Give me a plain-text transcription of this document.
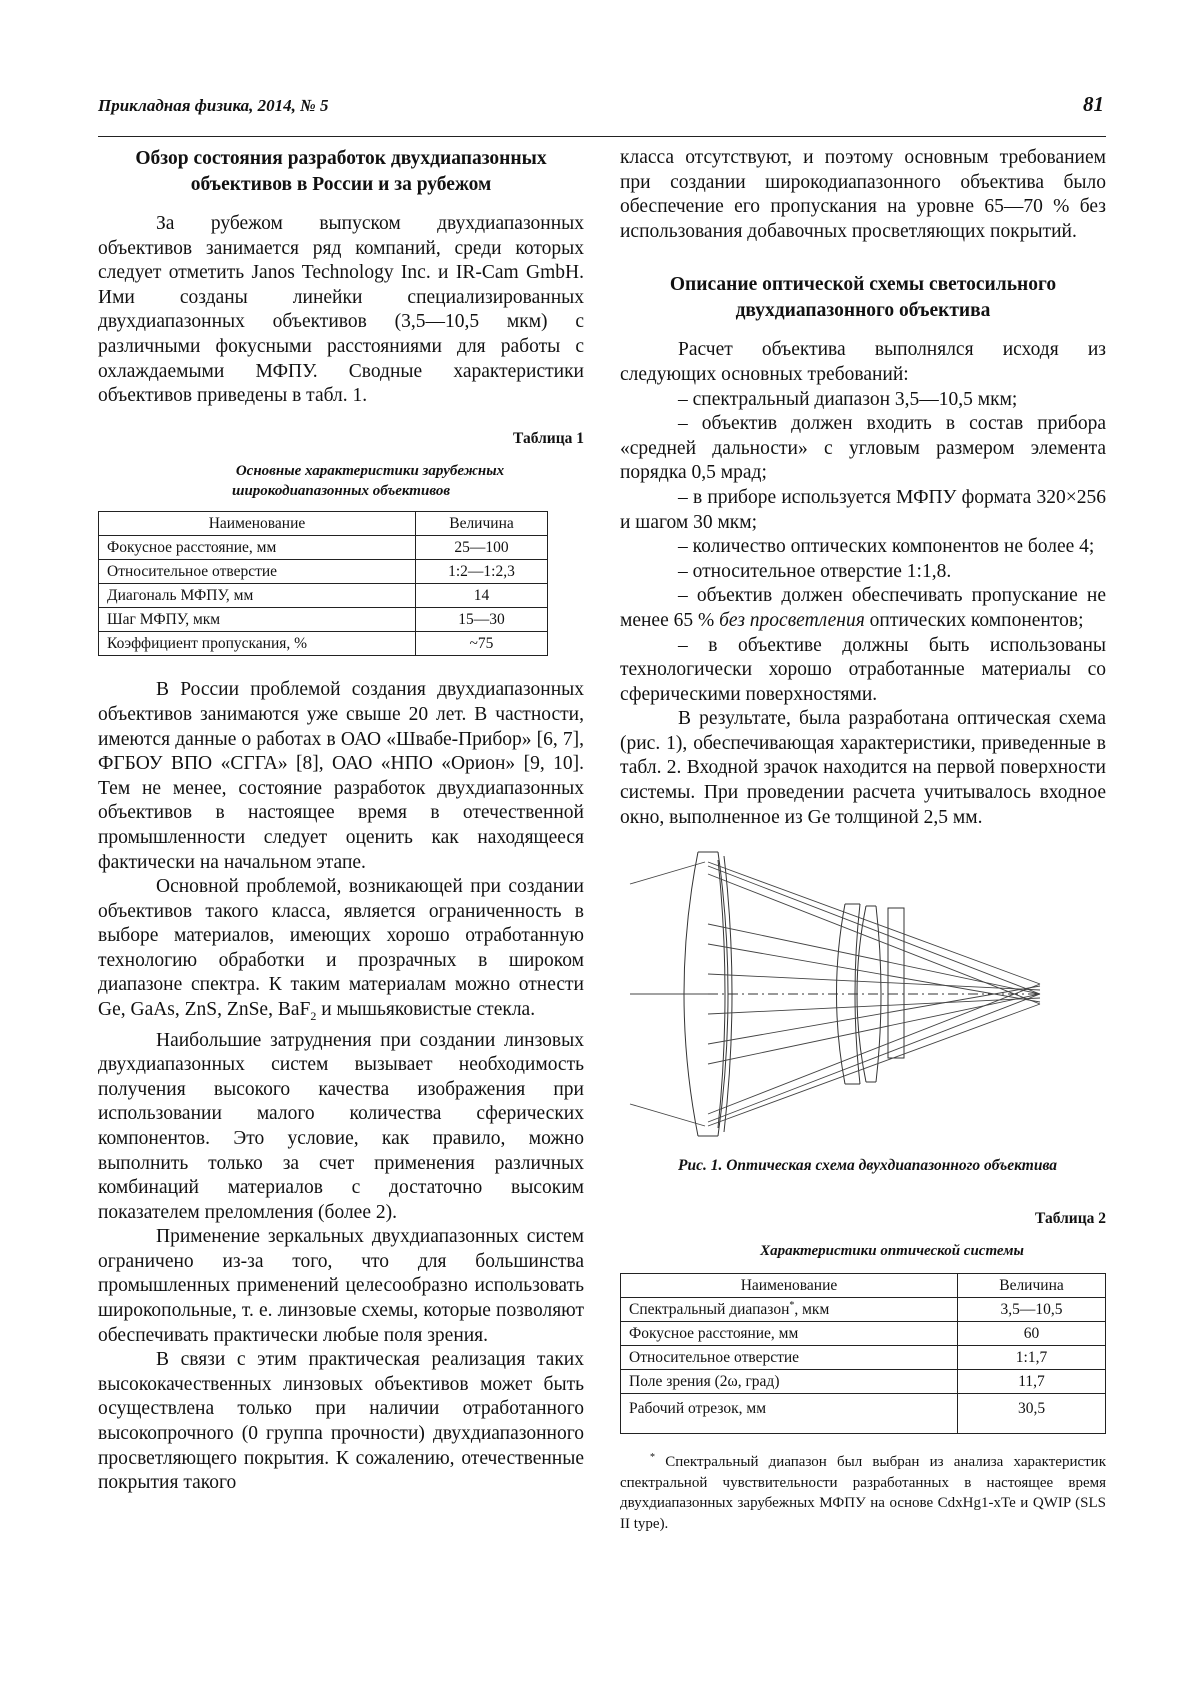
Прикладная физика, 2014, № 5	81
Обзор состояния разработок двухдиапазонных объективов в России и за рубежом

За рубежом выпуском двухдиапазонных объективов занимается ряд компаний, среди которых следует отметить Janos Technology Inc. и IR-Cam GmbH. Ими созданы линейки специализированных двухдиапазонных объективов (3,5—10,5 мкм) с различными фокусными расстояниями для работы с охлаждаемыми МФПУ. Сводные характеристики объективов приведены в табл. 1.

Таблица 1

Основные характеристики зарубежных широкодиапазонных объективов

Наименование	Величина
Фокусное расстояние, мм	25—100
Относительное отверстие	1:2—1:2,3
Диагональ МФПУ, мм	14
Шаг МФПУ, мкм	15—30
Коэффициент пропускания, %	~75

В России проблемой создания двухдиапазонных объективов занимаются уже свыше 20 лет. В частности, имеются данные о работах в ОАО «Швабе-Прибор» [6, 7], ФГБОУ ВПО «СГГА» [8], ОАО «НПО «Орион» [9, 10]. Тем не менее, состояние разработок двухдиапазонных объективов в настоящее время в отечественной промышленности следует оценить как находящееся фактически на начальном этапе.

Основной проблемой, возникающей при создании объективов такого класса, является ограниченность в выборе материалов, имеющих хорошо отработанную технологию обработки и прозрачных в широком диапазоне спектра. К таким материалам можно отнести Ge, GaAs, ZnS, ZnSe, BaF$_2$ и мышьяковистые стекла.

Наибольшие затруднения при создании линзовых двухдиапазонных систем вызывает необходимость получения высокого качества изображения при использовании малого количества сферических компонентов. Это условие, как правило, можно выполнить только за счет применения различных комбинаций материалов с достаточно высоким показателем преломления (более 2).

Применение зеркальных двухдиапазонных систем ограничено из-за того, что для большинства промышленных применений целесообразно использовать широкопольные, т. е. линзовые схемы, которые позволяют обеспечивать практически любые поля зрения.

В связи с этим практическая реализация таких высококачественных линзовых объективов может быть осуществлена только при наличии отработанного высокопрочного (0 группа прочности) двухдиапазонного просветляющего покрытия. К сожалению, отечественные покрытия такого

класса отсутствуют, и поэтому основным требованием при создании широкодиапазонного объектива было обеспечение его пропускания на уровне 65—70 % без использования добавочных просветляющих покрытий.

Описание оптической схемы светосильного двухдиапазонного объектива

Расчет объектива выполнялся исходя из следующих основных требований:

– спектральный диапазон 3,5—10,5 мкм;

– объектив должен входить в состав прибора «средней дальности» с угловым размером элемента порядка 0,5 мрад;

– в приборе используется МФПУ формата 320×256 и шагом 30 мкм;

– количество оптических компонентов не более 4;

– относительное отверстие 1:1,8.

– объектив должен обеспечивать пропускание не менее 65 % без просветления оптических компонентов;

– в объективе должны быть использованы технологически хорошо отработанные материалы со сферическими поверхностями.

В результате, была разработана оптическая схема (рис. 1), обеспечивающая характеристики, приведенные в табл. 2. Входной зрачок находится на первой поверхности системы. При проведении расчета учитывалось входное окно, выполненное из Ge толщиной 2,5 мм.

Рис. 1. Оптическая схема двухдиапазонного объектива

Таблица 2

Характеристики оптической системы

Наименование	Величина
Спектральный диапазон*, мкм	3,5—10,5
Фокусное расстояние, мм	60
Относительное отверстие	1:1,7
Поле зрения (2ω, град)	11,7
Рабочий отрезок, мм	30,5

* Спектральный диапазон был выбран из анализа характеристик спектральной чувствительности разработанных в настоящее время двухдиапазонных зарубежных МФПУ на основе CdxHg1-xTe и QWIP (SLS II type).
